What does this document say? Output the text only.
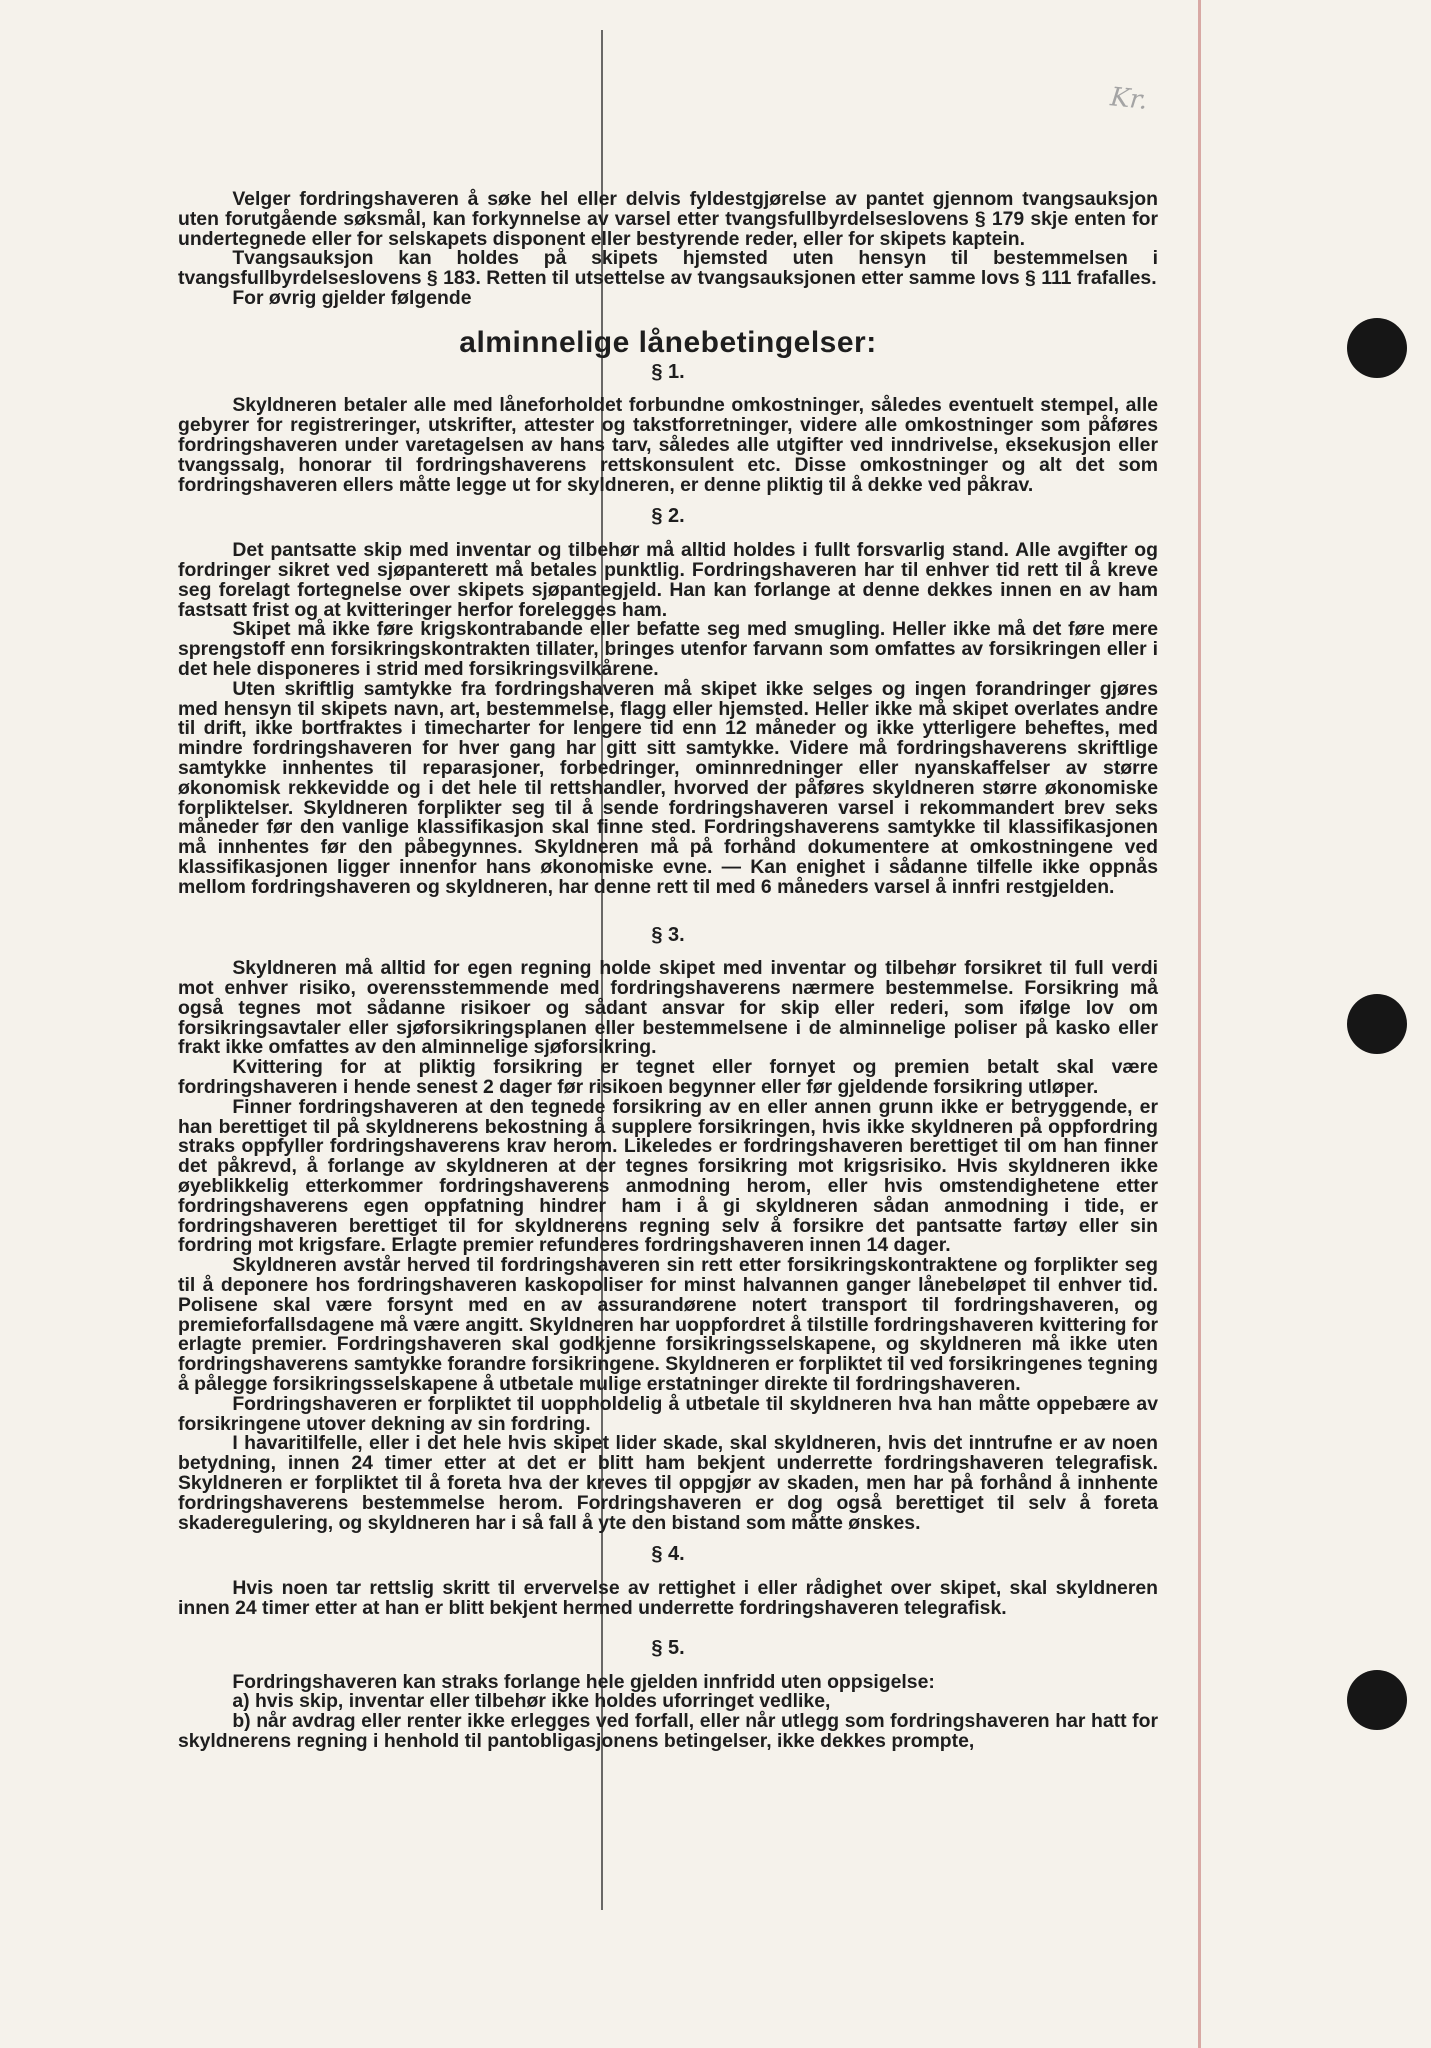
Kr.

Velger fordringshaveren å søke hel eller delvis fyldestgjørelse av pantet gjennom tvangsauksjon uten forutgående søksmål, kan forkynnelse av varsel etter tvangsfullbyrdelseslovens § 179 skje enten for undertegnede eller for selskapets disponent eller bestyrende reder, eller for skipets kaptein.

Tvangsauksjon kan holdes på skipets hjemsted uten hensyn til bestemmelsen i tvangsfullbyrdelseslovens § 183. Retten til utsettelse av tvangsauksjonen etter samme lovs § 111 frafalles.

For øvrig gjelder følgende

alminnelige lånebetingelser:
§ 1.

Skyldneren betaler alle med låneforholdet forbundne omkostninger, således eventuelt stempel, alle gebyrer for registreringer, utskrifter, attester og takstforretninger, videre alle omkostninger som påføres fordringshaveren under varetagelsen av hans tarv, således alle utgifter ved inndrivelse, eksekusjon eller tvangssalg, honorar til fordringshaverens rettskonsulent etc. Disse omkostninger og alt det som fordringshaveren ellers måtte legge ut for skyldneren, er denne pliktig til å dekke ved påkrav.

§ 2.

Det pantsatte skip med inventar og tilbehør må alltid holdes i fullt forsvarlig stand. Alle avgifter og fordringer sikret ved sjøpanterett må betales punktlig. Fordringshaveren har til enhver tid rett til å kreve seg forelagt fortegnelse over skipets sjøpantegjeld. Han kan forlange at denne dekkes innen en av ham fastsatt frist og at kvitteringer herfor forelegges ham.

Skipet må ikke føre krigskontrabande eller befatte seg med smugling. Heller ikke må det føre mere sprengstoff enn forsikringskontrakten tillater, bringes utenfor farvann som omfattes av forsikringen eller i det hele disponeres i strid med forsikringsvilkårene.

Uten skriftlig samtykke fra fordringshaveren må skipet ikke selges og ingen forandringer gjøres med hensyn til skipets navn, art, bestemmelse, flagg eller hjemsted. Heller ikke må skipet overlates andre til drift, ikke bortfraktes i timecharter for lengere tid enn 12 måneder og ikke ytterligere beheftes, med mindre fordringshaveren for hver gang har gitt sitt samtykke. Videre må fordringshaverens skriftlige samtykke innhentes til reparasjoner, forbedringer, ominnredninger eller nyanskaffelser av større økonomisk rekkevidde og i det hele til rettshandler, hvorved der påføres skyldneren større økonomiske forpliktelser. Skyldneren forplikter seg til å sende fordringshaveren varsel i rekommandert brev seks måneder før den vanlige klassifikasjon skal finne sted. Fordringshaverens samtykke til klassifikasjonen må innhentes før den påbegynnes. Skyldneren må på forhånd dokumentere at omkostningene ved klassifikasjonen ligger innenfor hans økonomiske evne. — Kan enighet i sådanne tilfelle ikke oppnås mellom fordringshaveren og skyldneren, har denne rett til med 6 måneders varsel å innfri restgjelden.

§ 3.

Skyldneren må alltid for egen regning holde skipet med inventar og tilbehør forsikret til full verdi mot enhver risiko, overensstemmende med fordringshaverens nærmere bestemmelse. Forsikring må også tegnes mot sådanne risikoer og sådant ansvar for skip eller rederi, som ifølge lov om forsikringsavtaler eller sjøforsikringsplanen eller bestemmelsene i de alminnelige poliser på kasko eller frakt ikke omfattes av den alminnelige sjøforsikring.

Kvittering for at pliktig forsikring er tegnet eller fornyet og premien betalt skal være fordringshaveren i hende senest 2 dager før risikoen begynner eller før gjeldende forsikring utløper.

Finner fordringshaveren at den tegnede forsikring av en eller annen grunn ikke er betryggende, er han berettiget til på skyldnerens bekostning å supplere forsikringen, hvis ikke skyldneren på oppfordring straks oppfyller fordringshaverens krav herom. Likeledes er fordringshaveren berettiget til om han finner det påkrevd, å forlange av skyldneren at der tegnes forsikring mot krigsrisiko. Hvis skyldneren ikke øyeblikkelig etterkommer fordringshaverens anmodning herom, eller hvis omstendighetene etter fordringshaverens egen oppfatning hindrer ham i å gi skyldneren sådan anmodning i tide, er fordringshaveren berettiget til for skyldnerens regning selv å forsikre det pantsatte fartøy eller sin fordring mot krigsfare. Erlagte premier refunderes fordringshaveren innen 14 dager.

Skyldneren avstår herved til fordringshaveren sin rett etter forsikringskontraktene og forplikter seg til å deponere hos fordringshaveren kaskopoliser for minst halvannen ganger lånebeløpet til enhver tid. Polisene skal være forsynt med en av assurandørene notert transport til fordringshaveren, og premieforfallsdagene må være angitt. Skyldneren har uoppfordret å tilstille fordringshaveren kvittering for erlagte premier. Fordringshaveren skal godkjenne forsikringsselskapene, og skyldneren må ikke uten fordringshaverens samtykke forandre forsikringene. Skyldneren er forpliktet til ved forsikringenes tegning å pålegge forsikringsselskapene å utbetale mulige erstatninger direkte til fordringshaveren.

Fordringshaveren er forpliktet til uoppholdelig å utbetale til skyldneren hva han måtte oppebære av forsikringene utover dekning av sin fordring.

I havaritilfelle, eller i det hele hvis skipet lider skade, skal skyldneren, hvis det inntrufne er av noen betydning, innen 24 timer etter at det er blitt ham bekjent underrette fordringshaveren telegrafisk. Skyldneren er forpliktet til å foreta hva der kreves til oppgjør av skaden, men har på forhånd å innhente fordringshaverens bestemmelse herom. Fordringshaveren er dog også berettiget til selv å foreta skaderegulering, og skyldneren har i så fall å yte den bistand som måtte ønskes.

§ 4.

Hvis noen tar rettslig skritt til ervervelse av rettighet i eller rådighet over skipet, skal skyldneren innen 24 timer etter at han er blitt bekjent hermed underrette fordringshaveren telegrafisk.

§ 5.

Fordringshaveren kan straks forlange hele gjelden innfridd uten oppsigelse:

a) hvis skip, inventar eller tilbehør ikke holdes uforringet vedlike,

b) når avdrag eller renter ikke erlegges ved forfall, eller når utlegg som fordringshaveren har hatt for skyldnerens regning i henhold til pantobligasjonens betingelser, ikke dekkes prompte,
